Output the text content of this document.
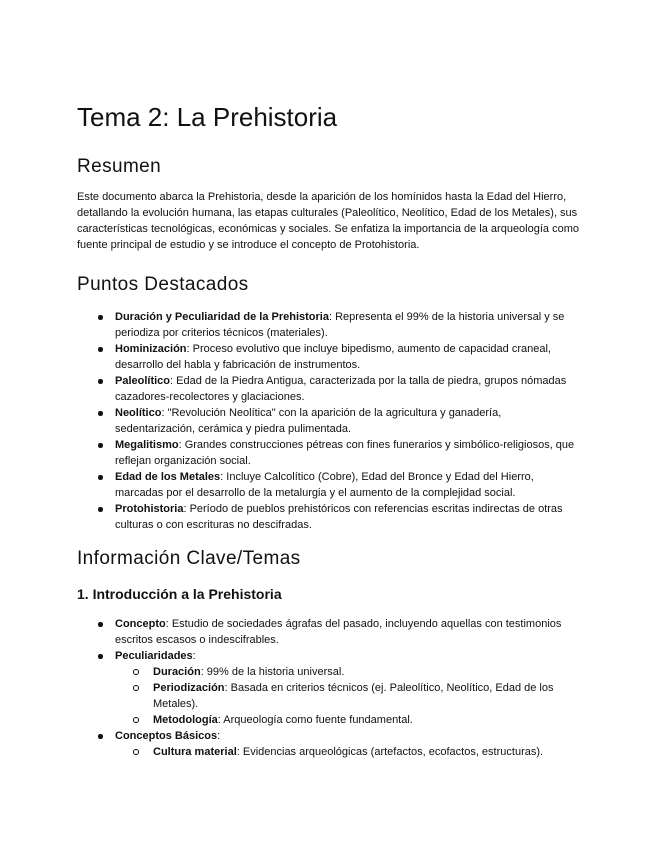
Tema 2: La Prehistoria
Resumen

Este documento abarca la Prehistoria, desde la aparición de los homínidos hasta la Edad del Hierro, detallando la evolución humana, las etapas culturales (Paleolítico, Neolítico, Edad de los Metales), sus características tecnológicas, económicas y sociales. Se enfatiza la importancia de la arqueología como fuente principal de estudio y se introduce el concepto de Protohistoria.

Puntos Destacados
Duración y Peculiaridad de la Prehistoria: Representa el 99% de la historia universal y se periodiza por criterios técnicos (materiales).
Hominización: Proceso evolutivo que incluye bipedismo, aumento de capacidad craneal, desarrollo del habla y fabricación de instrumentos.
Paleolítico: Edad de la Piedra Antigua, caracterizada por la talla de piedra, grupos nómadas cazadores-recolectores y glaciaciones.
Neolítico: "Revolución Neolítica" con la aparición de la agricultura y ganadería, sedentarización, cerámica y piedra pulimentada.
Megalitismo: Grandes construcciones pétreas con fines funerarios y simbólico-religiosos, que reflejan organización social.
Edad de los Metales: Incluye Calcolítico (Cobre), Edad del Bronce y Edad del Hierro, marcadas por el desarrollo de la metalurgia y el aumento de la complejidad social.
Protohistoria: Período de pueblos prehistóricos con referencias escritas indirectas de otras culturas o con escrituras no descifradas.
Información Clave/Temas
1. Introducción a la Prehistoria
Concepto: Estudio de sociedades ágrafas del pasado, incluyendo aquellas con testimonios escritos escasos o indescifrables.
Peculiaridades:
Duración: 99% de la historia universal.
Periodización: Basada en criterios técnicos (ej. Paleolítico, Neolítico, Edad de los Metales).
Metodología: Arqueología como fuente fundamental.
Conceptos Básicos:
Cultura material: Evidencias arqueológicas (artefactos, ecofactos, estructuras).
